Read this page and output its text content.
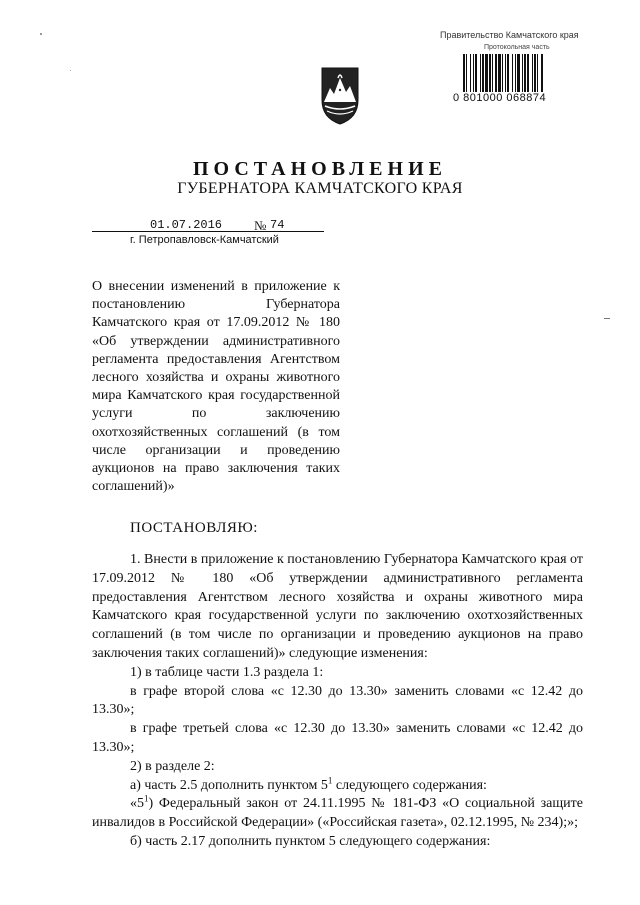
Правительство Камчатского края
Протокольная часть
0 801000 068874
ПОСТАНОВЛЕНИЕ
ГУБЕРНАТОРА КАМЧАТСКОГО КРАЯ
01.07.2016 № 74
г. Петропавловск-Камчатский
О внесении изменений в приложение к постановлению Губернатора Камчатского края от 17.09.2012 № 180 «Об утверждении административного регламента предоставления Агентством лесного хозяйства и охраны животного мира Камчатского края государственной услуги по заключению охотхозяйственных соглашений (в том числе организации и проведению аукционов на право заключения таких соглашений)»
ПОСТАНОВЛЯЮ:

1. Внести в приложение к постановлению Губернатора Камчатского края от 17.09.2012 № 180 «Об утверждении административного регламента предоставления Агентством лесного хозяйства и охраны животного мира Камчатского края государственной услуги по заключению охотхозяйственных соглашений (в том числе по организации и проведению аукционов на право заключения таких соглашений)» следующие изменения:

1) в таблице части 1.3 раздела 1:

в графе второй слова «с 12.30 до 13.30» заменить словами «с 12.42 до 13.30»;

в графе третьей слова «с 12.30 до 13.30» заменить словами «с 12.42 до 13.30»;

2) в разделе 2:

а) часть 2.5 дополнить пунктом $5^1$ следующего содержания:

«$5^1$) Федеральный закон от 24.11.1995 № 181-ФЗ «О социальной защите инвалидов в Российской Федерации» («Российская газета», 02.12.1995, № 234);»;

б) часть 2.17 дополнить пунктом 5 следующего содержания:
